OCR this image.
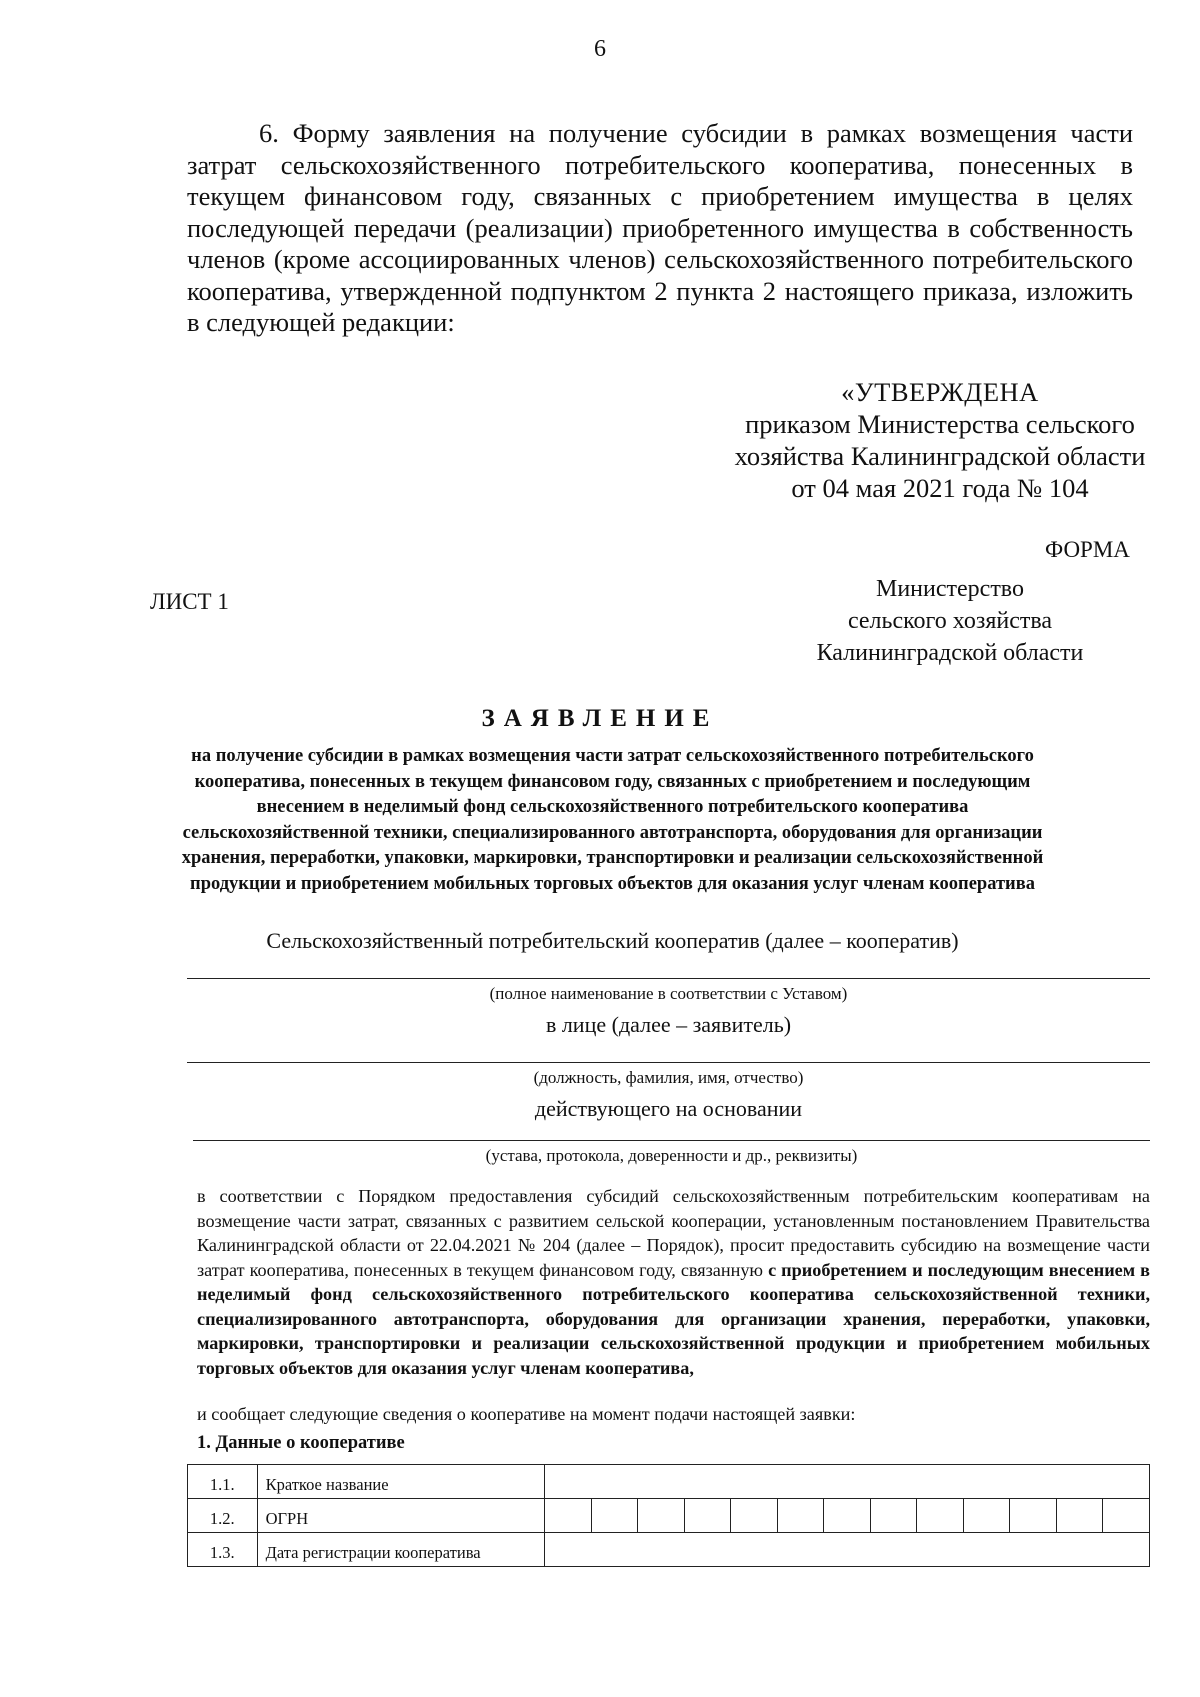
6
6. Форму заявления на получение субсидии в рамках возмещения части затрат сельскохозяйственного потребительского кооператива, понесенных в текущем финансовом году, связанных с приобретением имущества в целях последующей передачи (реализации) приобретенного имущества в собственность членов (кроме ассоциированных членов) сельскохозяйственного потребительского кооператива, утвержденной подпунктом 2 пункта 2 настоящего приказа, изложить в следующей редакции:
«УТВЕРЖДЕНА
приказом Министерства сельского
хозяйства Калининградской области
от 04 мая 2021 года № 104
ФОРМА
ЛИСТ 1	Министерство
сельского хозяйства
Калининградской области
ЗАЯВЛЕНИЕ
на получение субсидии в рамках возмещения части затрат сельскохозяйственного потребительского кооператива, понесенных в текущем финансовом году, связанных с приобретением и последующим внесением в неделимый фонд сельскохозяйственного потребительского кооператива сельскохозяйственной техники, специализированного автотранспорта, оборудования для организации хранения, переработки, упаковки, маркировки, транспортировки и реализации сельскохозяйственной продукции и приобретением мобильных торговых объектов для оказания услуг членам кооператива
Сельскохозяйственный потребительский кооператив (далее – кооператив)
(полное наименование в соответствии с Уставом)
в лице (далее – заявитель)
(должность, фамилия, имя, отчество)
действующего на основании
(устава, протокола, доверенности и др., реквизиты)
в соответствии с Порядком предоставления субсидий сельскохозяйственным потребительским кооперативам на возмещение части затрат, связанных с развитием сельской кооперации, установленным постановлением Правительства Калининградской области от 22.04.2021 № 204 (далее – Порядок), просит предоставить субсидию на возмещение части затрат кооператива, понесенных в текущем финансовом году, связанную с приобретением и последующим внесением в неделимый фонд сельскохозяйственного потребительского кооператива сельскохозяйственной техники, специализированного автотранспорта, оборудования для организации хранения, переработки, упаковки, маркировки, транспортировки и реализации сельскохозяйственной продукции и приобретением мобильных торговых объектов для оказания услуг членам кооператива,
и сообщает следующие сведения о кооперативе на момент подачи настоящей заявки:
1. Данные о кооперативе
1.1.	Краткое название													
1.2.	ОГРН													
1.3.	Дата регистрации кооператива													
